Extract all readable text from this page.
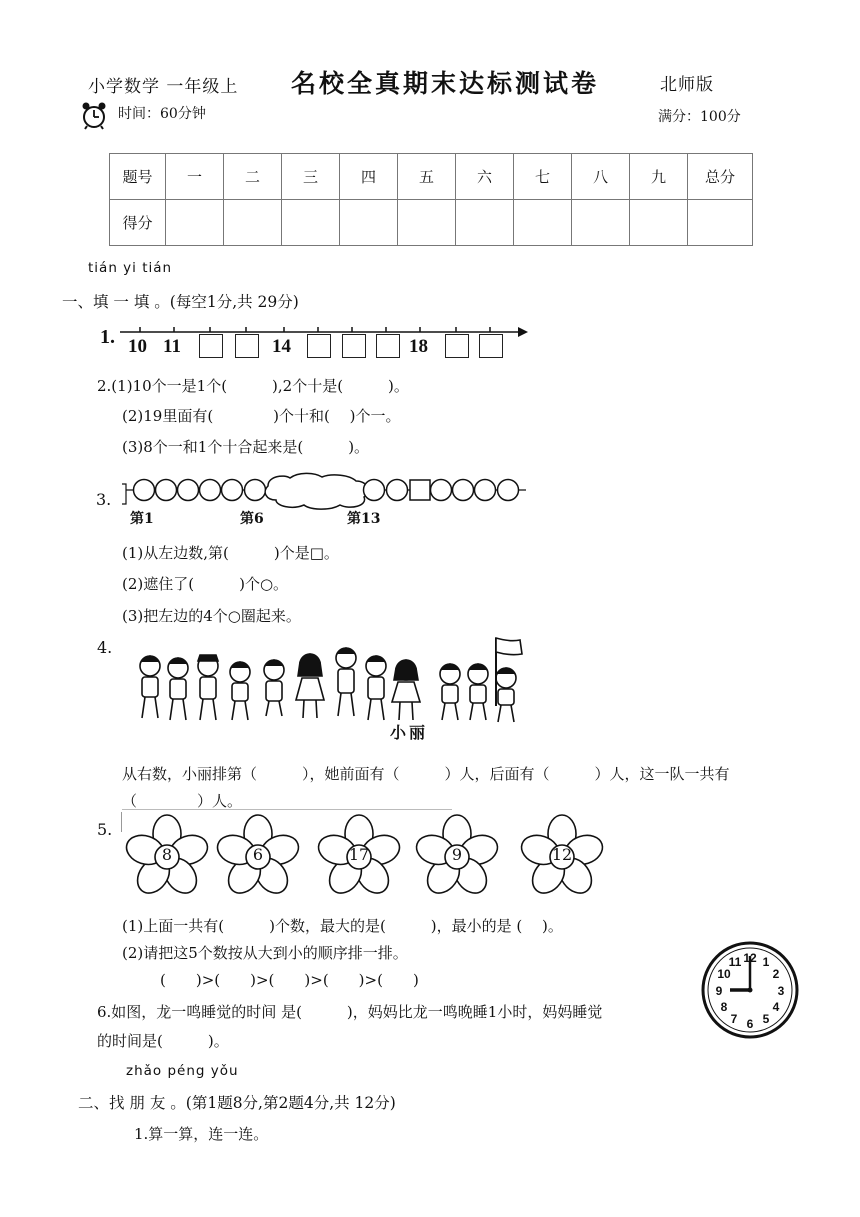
小学数学 一年级上 名校全真期末达标测试卷	北师版
时间：60分钟	满分：100分
题号	一	二	三	四	五	六	七	八	九	总分
得分										
tián yi tián
一、填 一 填 。(每空1分,共 29分)
1. 10 11	14	18
2.(1)10个一是1个(　　　),2个十是(　　　)。
(2)19里面有(　　　　)个十和(　 )个一。
(3)8个一和1个十合起来是(　　　)。
3.
第1	第6	第13
(1)从左边数,第(　　　)个是□。
(2)遮住了(　　　)个○。
(3)把左边的4个○圈起来。
4.
小丽
从右数，小丽排第（　　　），她前面有（　　　）人，后面有（　　　）人，这一队一共有
（　　　　）人。
5.
8	6	17	9	12
(1)上面一共有(　　　)个数，最大的是(　　　)，最小的是 (　 )。
(2)请把这5个数按从大到小的顺序排一排。
(　　)>(　　)>(　　)>(　　)>(　　)
6.如图，龙一鸣睡觉的时间 是(　　　)，妈妈比龙一鸣晚睡1小时，妈妈睡觉
的时间是(　　　)。
12 1
2
3
4
5
6
7
8
9
10
11
zhǎo péng yǒu
二、找 朋 友 。(第1题8分,第2题4分,共 12分)
1.算一算，连一连。
